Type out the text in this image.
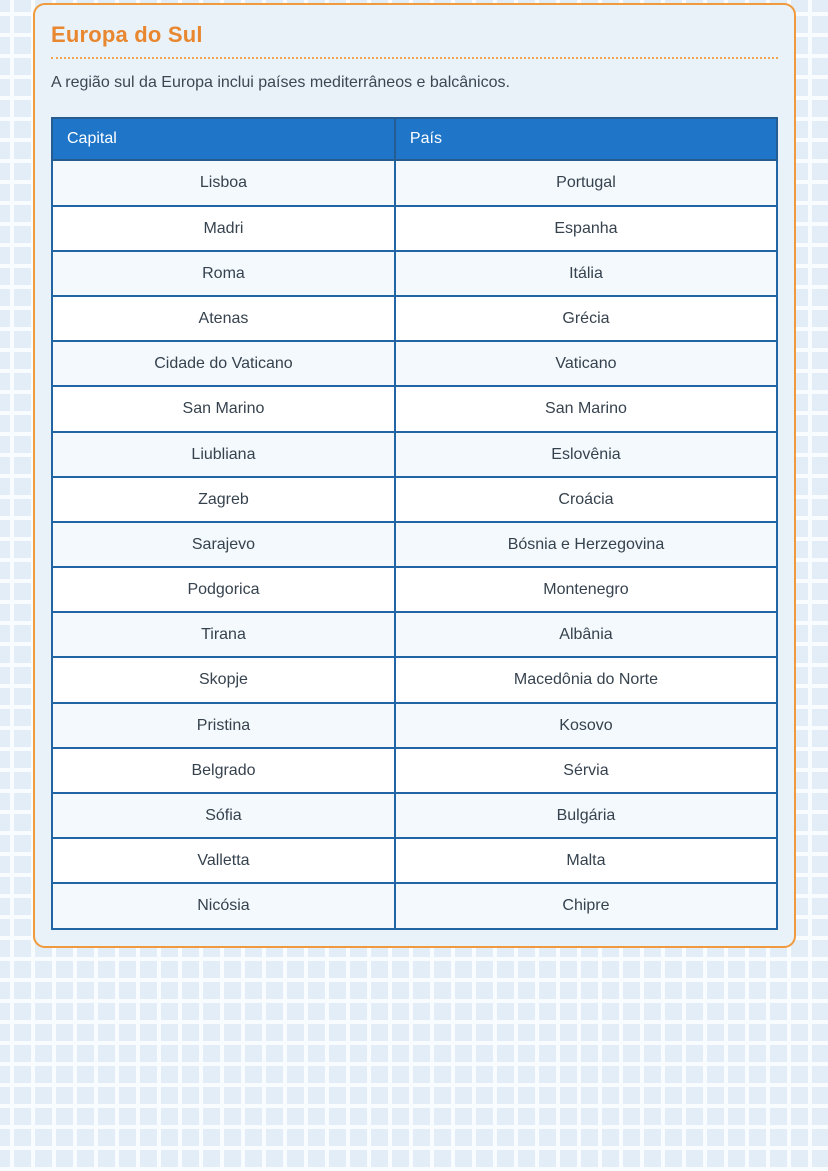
Europa do Sul
A região sul da Europa inclui países mediterrâneos e balcânicos.
Capital	País
Lisboa	Portugal
Madri	Espanha
Roma	Itália
Atenas	Grécia
Cidade do Vaticano	Vaticano
San Marino	San Marino
Liubliana	Eslovênia
Zagreb	Croácia
Sarajevo	Bósnia e Herzegovina
Podgorica	Montenegro
Tirana	Albânia
Skopje	Macedônia do Norte
Pristina	Kosovo
Belgrado	Sérvia
Sófia	Bulgária
Valletta	Malta
Nicósia	Chipre
